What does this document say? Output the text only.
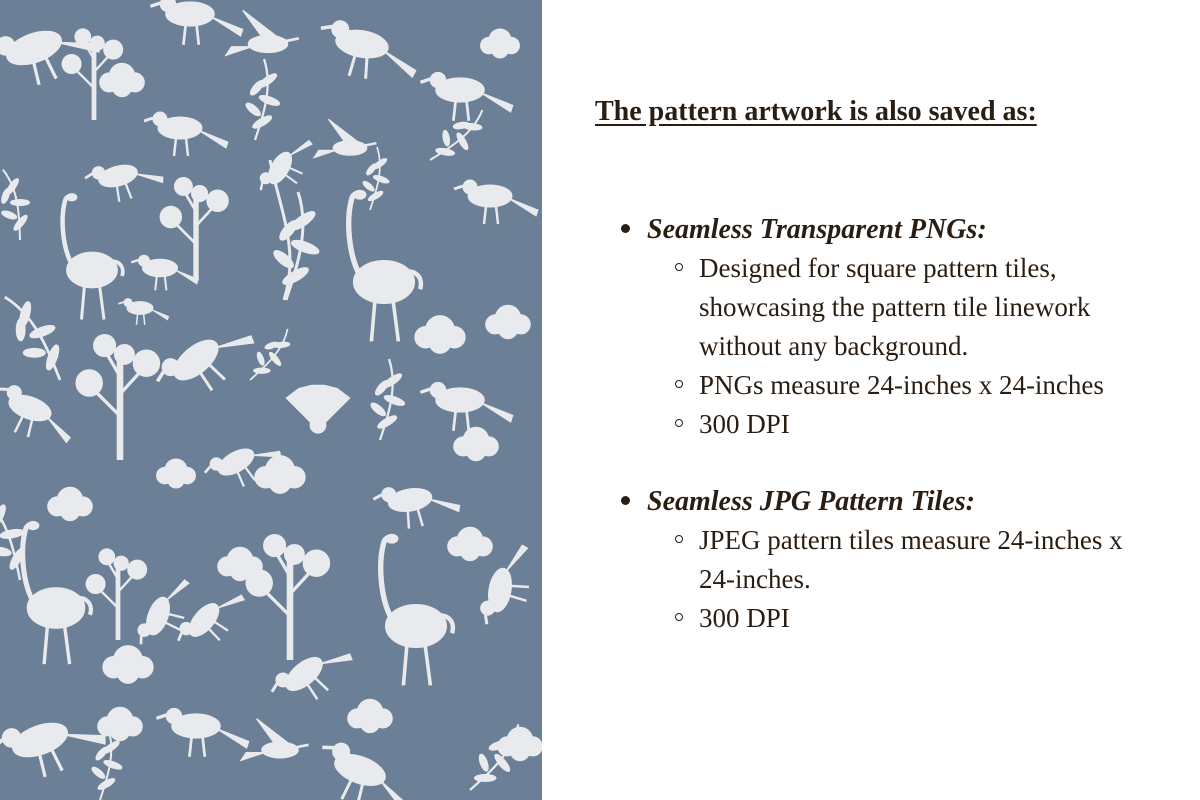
The pattern artwork is also saved as:
Seamless Transparent PNGs:
Designed for square pattern tiles, showcasing the pattern tile linework without any background.
PNGs measure 24-inches x 24-inches
300 DPI
Seamless JPG Pattern Tiles:
JPEG pattern tiles measure 24-inches x 24-inches.
300 DPI
